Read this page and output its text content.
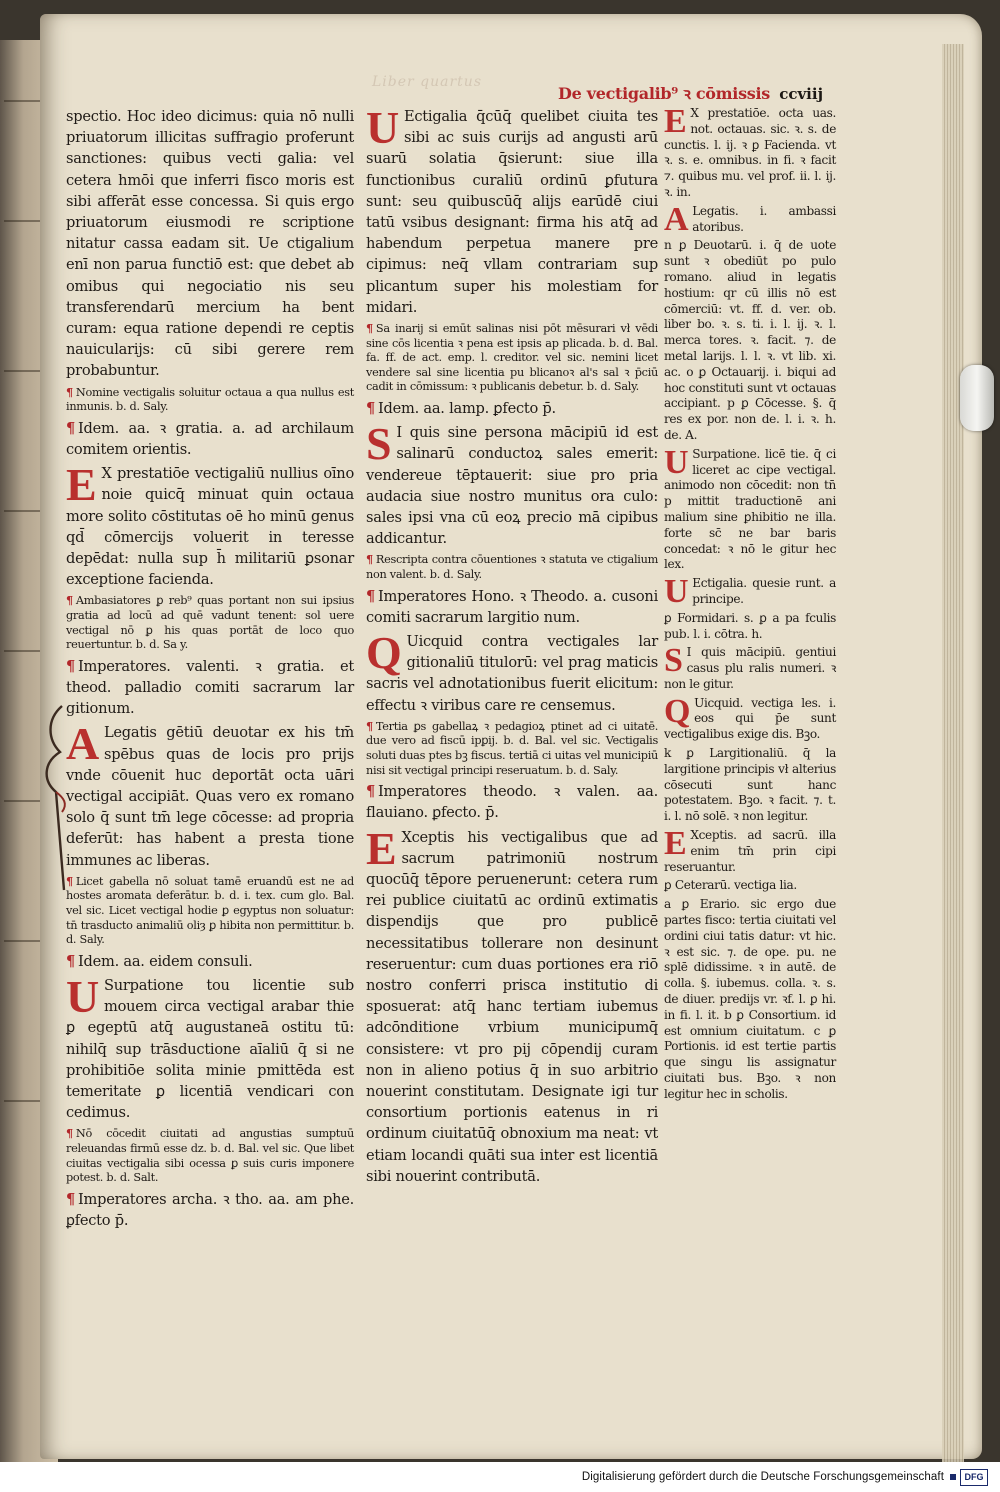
Liber quartus
De vectigalib⁹ ꝛ cōmissis ccviij

spectio. Hoc ideo dicimus: quia nō nulli priuatorum illicitas suffragio proferunt sanctiones: quibus vecti galia: vel cetera hmōi que inferri fisco moris est sibi afferāt esse concessa. Si quis ergo priuatorum eiusmodi re scriptione nitatur cassa eadam sit. Ue ctigalium enī non parua functiō est: que debet ab omibus qui negociatio nis seu transferendarū mercium ha bent curam: equa ratione dependi re ceptis nauicularijs: cū sibi gerere rem probabuntur.

¶ Nomine vectigalis soluitur octaua a qua nullus est inmunis. b. d. Saly.

¶ Idem. aa. ꝛ gratia. a. ad archilaum comitem orientis.

E X prestatiōe vectigaliū nullius oīno noie quicq̄ minuat quin octaua more solito cōstitutas oē ho minū genus qd̄ cōmercijs voluerit in teresse depēdat: nulla sup h̄ militariū ꝑsonar exceptione facienda.

¶ Ambasiatores ꝑ reb⁹ quas portant non sui ipsius gratia ad locū ad quē vadunt tenent: sol uere vectigal nō ꝑ his quas portāt de loco quo reuertuntur. b. d. Sa y.

¶ Imperatores. valenti. ꝛ gratia. et theod. palladio comiti sacrarum lar gitionum.

A Legatis gētiū deuotar ex his tm̄ spēbus quas de locis pro prijs vnde cōuenit huc deportāt octa uāri vectigal accipiāt. Quas vero ex romano solo q̄ sunt tm̄ lege cōcesse: ad propria deferūt: has habent a presta tione immunes ac liberas.

¶ Licet gabella nō soluat tamē eruandū est ne ad hostes aromata deferātur. b. d. i. tex. cum glo. Bal. vel sic. Licet vectigal hodie ꝑ egyptus non soluatur: tn̄ trasducto animaliū oliȝ ꝑ hibita non permittitur. b. d. Saly.

¶ Idem. aa. eidem consuli.

U Surpatione tou licentie sub mouem circa vectigal arabar thie ꝑ egeptū atq̄ augustaneā ostitu tū: nihilq̄ sup trāsductione aīaliū q̄ si ne prohibitiōe solita minie pmittēda est temeritate ꝑ licentiā vendicari con cedimus.

¶ Nō cōcedit ciuitati ad angustias sumptuū releuandas firmū esse dz. b. d. Bal. vel sic. Que libet ciuitas vectigalia sibi ocessa ꝑ suis curis imponere potest. b. d. Salt.

¶ Imperatores archa. ꝛ tho. aa. am phe. ꝑfecto p̄.

U Ectigalia q̄cūq̄ quelibet ciuita tes sibi ac suis curijs ad angusti arū suarū solatia q̄sierunt: siue illa functionibus curaliū ordinū ꝑfutura sunt: seu quibuscūq̄ alijs earūdē ciui tatū vsibus designant: firma his atq̄ ad habendum perpetua manere pre cipimus: neq̄ vllam contrariam sup plicantum super his molestiam for midari.

¶ Sa inarij si emūt salinas nisi pōt mēsurari vł vēdi sine cōs licentia ꝛ pena est ipsis ap plicada. b. d. Bal. fa. ff. de act. emp. l. creditor. vel sic. nemini licet vendere sal sine licentia pu blicanoꝛ al's sal ꝛ p̄ciū cadit in cōmissum: ꝛ publicanis debetur. b. d. Saly.

¶ Idem. aa. lamp. ꝑfecto p̄.

S I quis sine persona mācipiū id est salinarū conductoꝝ sales emerit: vendereue tēptauerit: siue pro pria audacia siue nostro munitus ora culo: sales ipsi vna cū eoꝝ precio mā cipibus addicantur.

¶ Rescripta contra cōuentiones ꝛ statuta ve ctigalium non valent. b. d. Saly.

¶ Imperatores Hono. ꝛ Theodo. a. cusoni comiti sacrarum largitio num.

Q Uicquid contra vectigales lar gitionaliū titulorū: vel prag maticis sacris vel adnotationibus fuerit elicitum: effectu ꝛ viribus care re censemus.

¶ Tertia ꝑs gabellaꝝ ꝛ pedagioꝝ ptinet ad ci uitatē. due vero ad fiscū ipꝑij. b. d. Bal. vel sic. Vectigalis soluti duas ptes bꝫ fiscus. tertiā ci uitas vel municipiū nisi sit vectigal principi reseruatum. b. d. Saly.

¶ Imperatores theodo. ꝛ valen. aa. flauiano. ꝑfecto. p̄.

E Xceptis his vectigalibus que ad sacrum patrimoniū nostrum quocūq̄ tēpore peruenerunt: cetera rum rei publice ciuitatū ac ordinū extimatis dispendijs que pro publicē necessitatibus tollerare non desinunt reseruentur: cum duas portiones era riō nostro conferri prisca institutio di sposuerat: atq̄ hanc tertiam iubemus adcōnditione vrbium municipumq̄ consistere: vt pro pij cōpendij curam non in alieno potius q̄ in suo arbitrio nouerint constitutam. Designate igi tur consortium portionis eatenus in ri ordinum ciuitatūq̄ obnoxium ma neat: vt etiam locandi quāti sua inter est licentiā sibi nouerint contributā.

E X prestatiōe. octa uas. not. octauas. sic. ꝛ. s. de cunctis. l. ij. ꝛ ꝑ Facienda. vt ꝛ. s. e. omnibus. in fi. ꝛ facit ⁊. quibus mu. vel prof. ii. l. ij. ꝛ. in.

A Legatis. i. ambassi atoribus.

n ꝑ Deuotarū. i. q̄ de uote sunt ꝛ obediūt po pulo romano. aliud in legatis hostium: qr cū illis nō est cōmerciū: vt. ff. d. ver. ob. liber bo. ꝛ. s. ti. i. l. ij. ꝛ. l. merca tores. ꝛ. facit. ⁊. de metal larijs. l. l. ꝛ. vt lib. xi. ac. o ꝑ Octauarij. i. biqui ad hoc constituti sunt vt octauas accipiant. p ꝑ Cōcesse. §. q̄ res ex por. non de. l. i. ꝛ. h. de. A.

U Surpatione. licē tie. q̄ ci liceret ac cipe vectigal. animodo non cōcedit: non tn̄ p mittit traductionē ani malium sine ꝑhibitio ne illa. forte sc̄ ne bar baris concedat: ꝛ nō le gitur hec lex.

U Ectigalia. quesie runt. a principe.

ꝑ Formidari. s. ꝑ a pa fculis pub. l. i. cōtra. h.

S I quis mācipiū. gentiui casus plu ralis numeri. ꝛ non le gitur.

Q Uicquid. vectiga les. i. eos qui p̄e sunt vectigalibus exige dis. Bꝫo.

k ꝑ Largitionaliū. q̄ la largitione principis vł alterius cōsecuti sunt hanc potestatem. Bꝫo. ꝛ facit. ⁊. t. i. l. nō solē. ꝛ non legitur.

E Xceptis. ad sacrū. illa enim tm̄ prin cipi reseruantur.

ꝑ Ceterarū. vectiga lia.

a ꝑ Erario. sic ergo due partes fisco: tertia ciuitati vel ordini ciui tatis datur: vt hic. ꝛ est sic. ⁊. de ope. pu. ne splē didissime. ꝛ in autē. de colla. §. iubemus. colla. ꝛ. s. de diuer. predijs vr. ꝛf. l. ꝑ hi. in fi. l. it. b ꝑ Consortium. id est omnium ciuitatum. c ꝑ Portionis. id est tertie partis que singu lis assignatur ciuitati bus. Bꝫo. ꝛ non legitur hec in scholis.

Digitalisierung gefördert durch die Deutsche Forschungsgemeinschaft	DFG
